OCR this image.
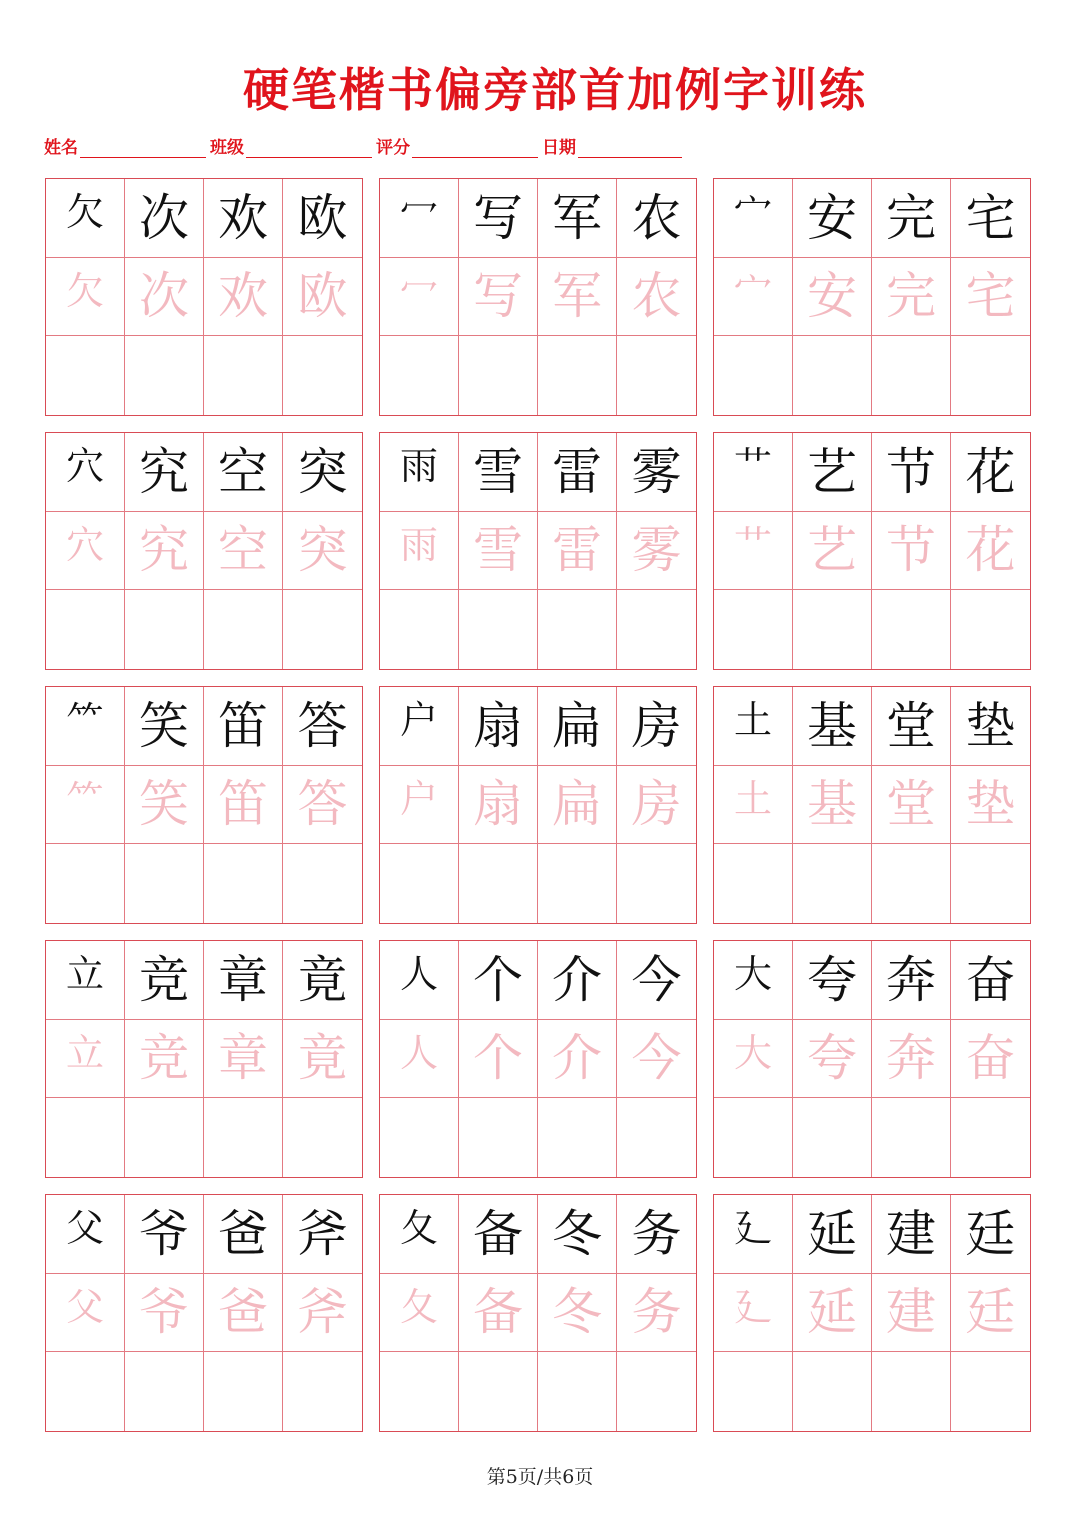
硬笔楷书偏旁部首加例字训练
姓名	班级	评分	日期
欠 次 欢 欧
欠 次 欢 欧
冖 写 军 农
冖 写 军 农
宀 安 完 宅
宀 安 完 宅
穴 究 空 突
穴 究 空 突
雨 雪 雷 雾
雨 雪 雷 雾
艹 艺 节 花
艹 艺 节 花
⺮ 笑 笛 答
⺮ 笑 笛 答
户 扇 扁 房
户 扇 扁 房
土 基 堂 垫
土 基 堂 垫
立 竞 章 竟
立 竞 章 竟
人 个 介 今
人 个 介 今
大 夸 奔 奋
大 夸 奔 奋
父 爷 爸 斧
父 爷 爸 斧
夂 备 冬 务
夂 备 冬 务
廴 延 建 廷
廴 延 建 廷
第5页/共6页
